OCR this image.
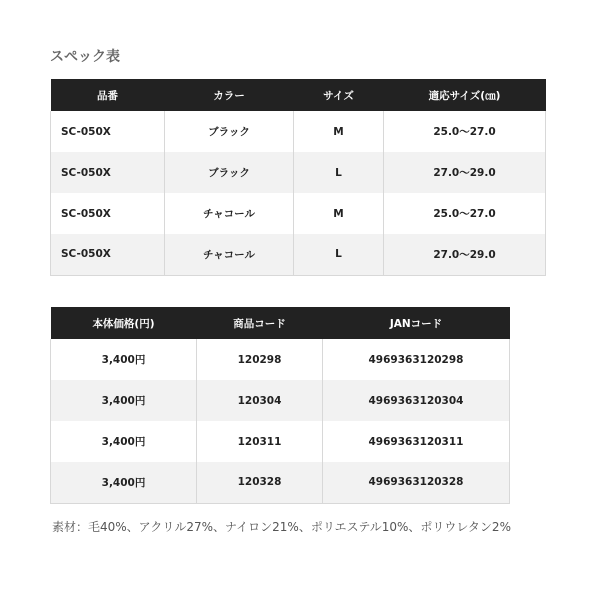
スペック表
品番	カラー	サイズ	適応サイズ(㎝)
SC-050X	ブラック	M	25.0〜27.0
SC-050X	ブラック	L	27.0〜29.0
SC-050X	チャコール	M	25.0〜27.0
SC-050X	チャコール	L	27.0〜29.0
本体価格(円)	商品コード	JANコード
3,400円	120298	4969363120298
3,400円	120304	4969363120304
3,400円	120311	4969363120311
3,400円	120328	4969363120328
素材：毛40%、アクリル27%、ナイロン21%、ポリエステル10%、ポリウレタン2%
